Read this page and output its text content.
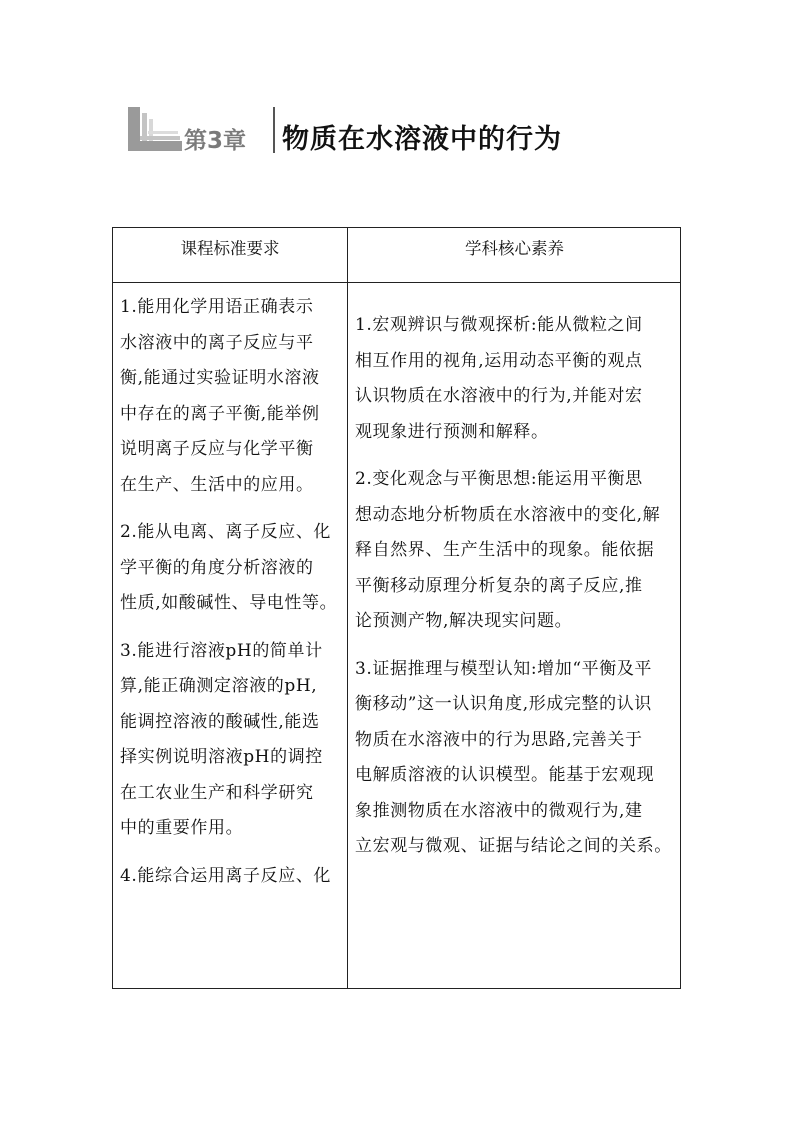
第3章 物质在水溶液中的行为
课程标准要求	学科核心素养
1.能用化学用语正确表示
水溶液中的离子反应与平
衡,能通过实验证明水溶液
中存在的离子平衡,能举例
说明离子反应与化学平衡
在生产、生活中的应用。
2.能从电离、离子反应、化
学平衡的角度分析溶液的
性质,如酸碱性、导电性等。
3.能进行溶液pH的简单计
算,能正确测定溶液的pH,
能调控溶液的酸碱性,能选
择实例说明溶液pH的调控
在工农业生产和科学研究
中的重要作用。
4.能综合运用离子反应、化
1.宏观辨识与微观探析:能从微粒之间
相互作用的视角,运用动态平衡的观点
认识物质在水溶液中的行为,并能对宏
观现象进行预测和解释。
2.变化观念与平衡思想:能运用平衡思
想动态地分析物质在水溶液中的变化,解
释自然界、生产生活中的现象。能依据
平衡移动原理分析复杂的离子反应,推
论预测产物,解决现实问题。
3.证据推理与模型认知:增加“平衡及平
衡移动”这一认识角度,形成完整的认识
物质在水溶液中的行为思路,完善关于
电解质溶液的认识模型。能基于宏观现
象推测物质在水溶液中的微观行为,建
立宏观与微观、证据与结论之间的关系。
